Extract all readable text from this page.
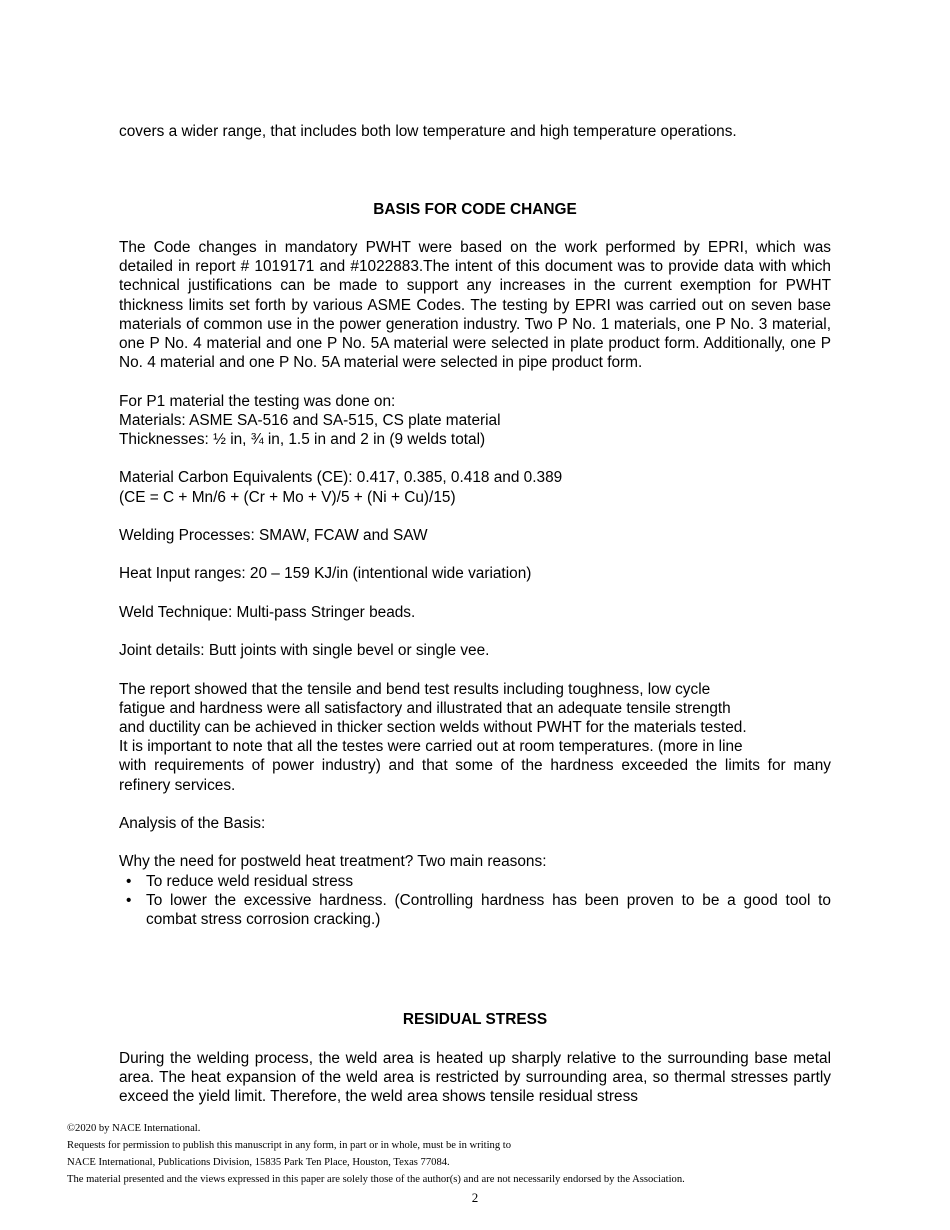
covers a wider range, that includes both low temperature and high temperature operations.
BASIS FOR CODE CHANGE

The Code changes in mandatory PWHT were based on the work performed by EPRI, which was detailed in report # 1019171 and #1022883.The intent of this document was to provide data with which technical justifications can be made to support any increases in the current exemption for PWHT thickness limits set forth by various ASME Codes. The testing by EPRI was carried out on seven base materials of common use in the power generation industry. Two P No. 1 materials, one P No. 3 material, one P No. 4 material and one P No. 5A material were selected in plate product form. Additionally, one P No. 4 material and one P No. 5A material were selected in pipe product form.

For P1 material the testing was done on:
Materials: ASME SA-516 and SA-515, CS plate material
Thicknesses: ½ in, ¾ in, 1.5 in and 2 in (9 welds total)
Material Carbon Equivalents (CE): 0.417, 0.385, 0.418 and 0.389
(CE = C + Mn/6 + (Cr + Mo + V)/5 + (Ni + Cu)/15)
Welding Processes: SMAW, FCAW and SAW
Heat Input ranges: 20 – 159 KJ/in (intentional wide variation)
Weld Technique: Multi-pass Stringer beads.
Joint details: Butt joints with single bevel or single vee.
The report showed that the tensile and bend test results including toughness, low cycle
fatigue and hardness were all satisfactory and illustrated that an adequate tensile strength
and ductility can be achieved in thicker section welds without PWHT for the materials tested.
It is important to note that all the testes were carried out at room temperatures. (more in line

with requirements of power industry) and that some of the hardness exceeded the limits for many refinery services.

Analysis of the Basis:
Why the need for postweld heat treatment? Two main reasons:
• To reduce weld residual stress
• To lower the excessive hardness. (Controlling hardness has been proven to be a good tool to combat stress corrosion cracking.)
RESIDUAL STRESS

During the welding process, the weld area is heated up sharply relative to the surrounding base metal area. The heat expansion of the weld area is restricted by surrounding area, so thermal stresses partly exceed the yield limit. Therefore, the weld area shows tensile residual stress

©2020 by NACE International.
Requests for permission to publish this manuscript in any form, in part or in whole, must be in writing to
NACE International, Publications Division, 15835 Park Ten Place, Houston, Texas 77084.
The material presented and the views expressed in this paper are solely those of the author(s) and are not necessarily endorsed by the Association.
2
